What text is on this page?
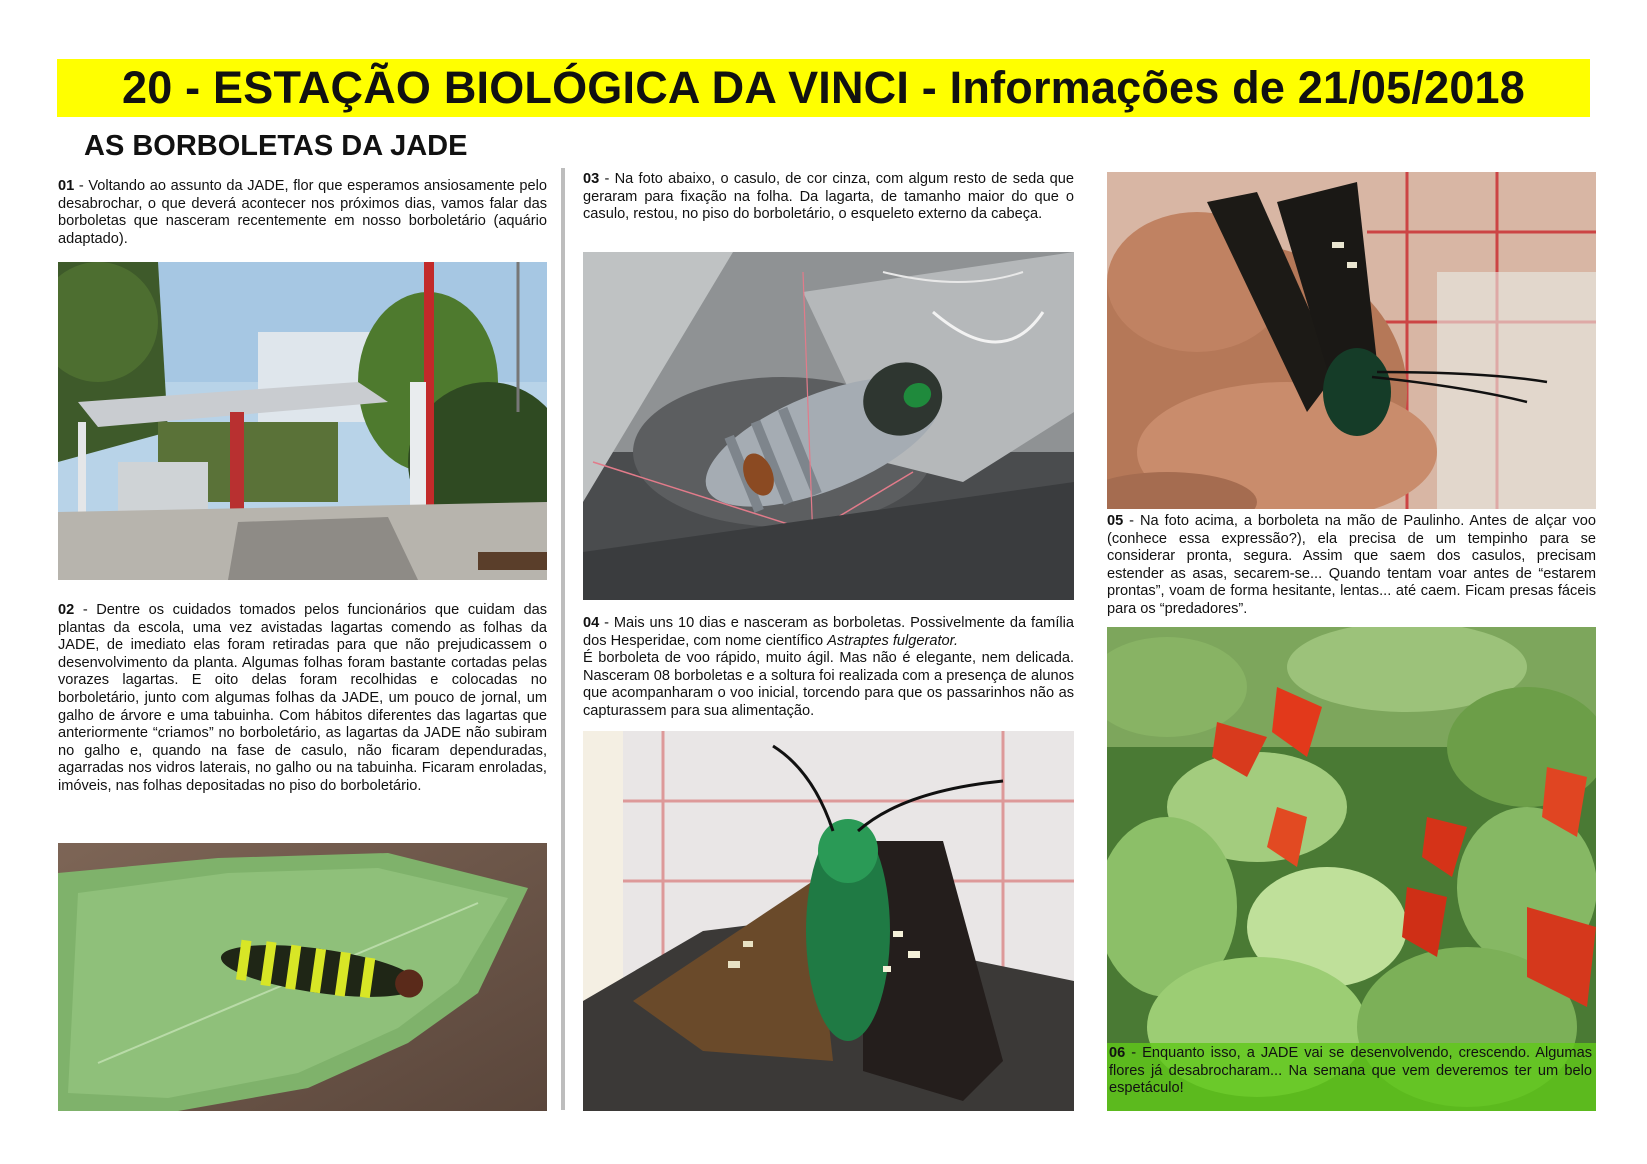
20 - ESTAÇÃO BIOLÓGICA DA VINCI - Informações de 21/05/2018
AS BORBOLETAS DA JADE

01 - Voltando ao assunto da JADE, flor que esperamos ansiosamente pelo desabrochar, o que deverá acontecer nos próximos dias, vamos falar das borboletas que nasceram recentemente em nosso borboletário (aquário adaptado).

02 - Dentre os cuidados tomados pelos funcionários que cuidam das plantas da escola, uma vez avistadas lagartas comendo as folhas da JADE, de imediato elas foram retiradas para que não prejudicassem o desenvolvimento da planta. Algumas folhas foram bastante cortadas pelas vorazes lagartas. E oito delas foram recolhidas e colocadas no borboletário, junto com algumas folhas da JADE, um pouco de jornal, um galho de árvore e uma tabuinha. Com hábitos diferentes das lagartas que anteriormente “criamos” no borboletário, as lagartas da JADE não subiram no galho e, quando na fase de casulo, não ficaram dependuradas, agarradas nos vidros laterais, no galho ou na tabuinha. Ficaram enroladas, imóveis, nas folhas depositadas no piso do borboletário.

03 - Na foto abaixo, o casulo, de cor cinza, com algum resto de seda que geraram para fixação na folha. Da lagarta, de tamanho maior do que o casulo, restou, no piso do borboletário, o esqueleto externo da cabeça.

04 - Mais uns 10 dias e nasceram as borboletas. Possivelmente da família dos Hesperidae, com nome científico Astraptes fulgerator.
É borboleta de voo rápido, muito ágil. Mas não é elegante, nem delicada. Nasceram 08 borboletas e a soltura foi realizada com a presença de alunos que acompanharam o voo inicial, torcendo para que os passarinhos não as capturassem para sua alimentação.

05 - Na foto acima, a borboleta na mão de Paulinho. Antes de alçar voo (conhece essa expressão?), ela precisa de um tempinho para se considerar pronta, segura. Assim que saem dos casulos, precisam estender as asas, secarem-se... Quando tentam voar antes de “estarem prontas”, voam de forma hesitante, lentas... até caem. Ficam presas fáceis para os “predadores”.

06 - Enquanto isso, a JADE vai se desenvolvendo, crescendo. Algumas flores já desabrocharam... Na semana que vem deveremos ter um belo espetáculo!
